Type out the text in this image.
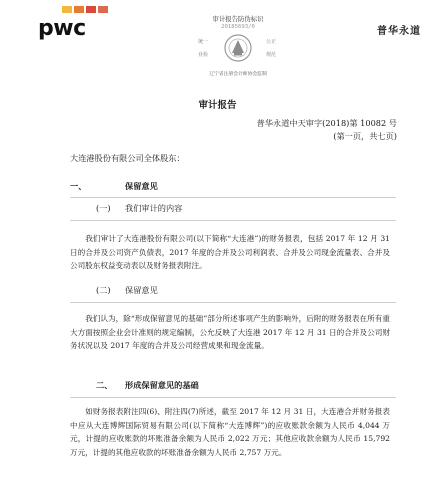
pwc	普华永道
审计报告防伪标识
20185693/0
统一	公正
业检	规范
辽宁省注册会计师协会监制
审计报告
普华永道中天审字(2018)第 10082 号
(第一页，共七页)
大连港股份有限公司全体股东：
一、	保留意见
(一) 我们审计的内容

我们审计了大连港股份有限公司(以下简称“大连港”)的财务报表，包括 2017 年 12 月 31 日的合并及公司资产负债表，2017 年度的合并及公司利润表、合并及公司现金流量表、合并及公司股东权益变动表以及财务报表附注。

(二) 保留意见

我们认为，除“形成保留意见的基础”部分所述事项产生的影响外，后附的财务报表在所有重大方面按照企业会计准则的规定编制，公允反映了大连港 2017 年 12 月 31 日的合并及公司财务状况以及 2017 年度的合并及公司经营成果和现金流量。

二、 形成保留意见的基础

如财务报表附注四(6)、附注四(7)所述，截至 2017 年 12 月 31 日，大连港合并财务报表中应从大连博辉国际贸易有限公司(以下简称“大连博辉”)的应收账款余额为人民币 4,044 万元，计提的应收账款的坏账准备余额为人民币 2,022 万元；其他应收款余额为人民币 15,792 万元，计提的其他应收款的坏账准备余额为人民币 2,757 万元。
